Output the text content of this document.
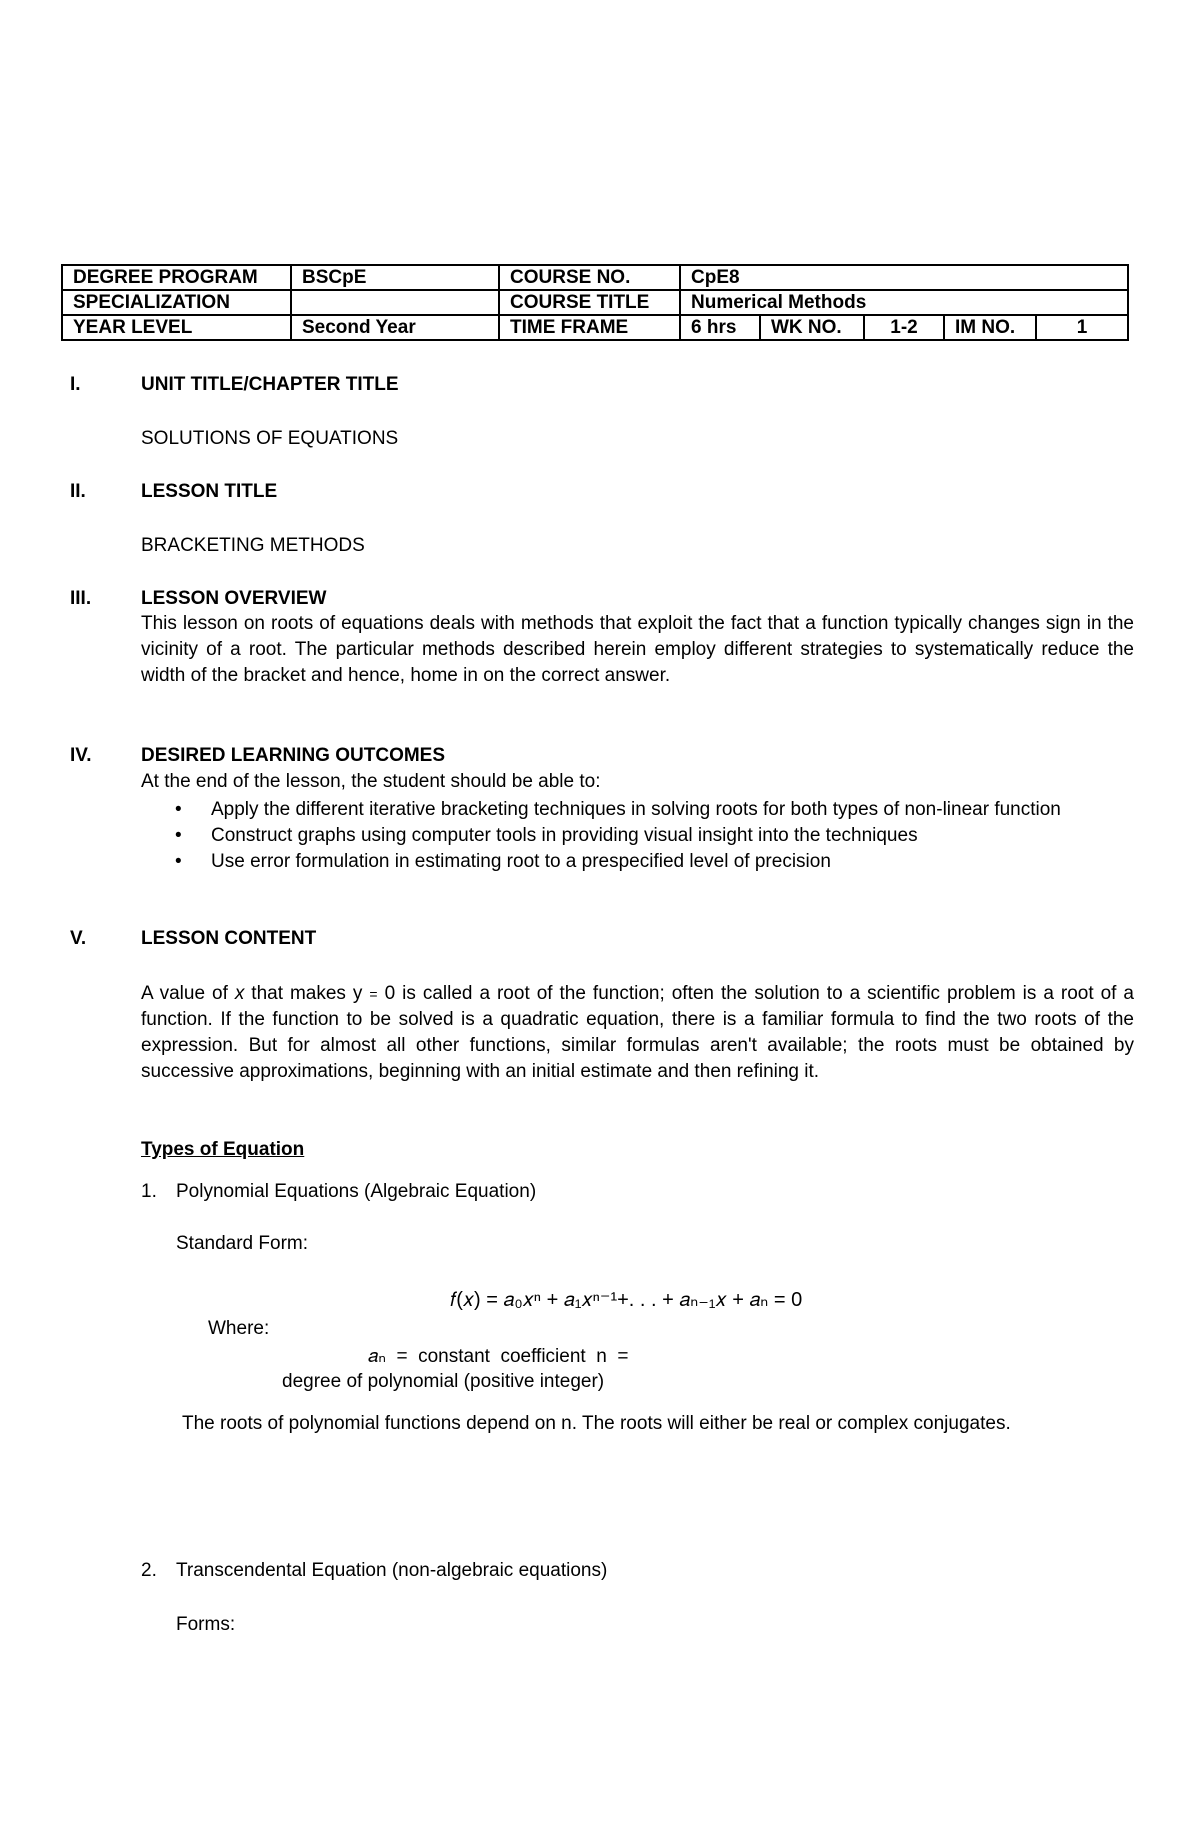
DEGREE PROGRAM	BSCpE	COURSE NO.	CpE8				
SPECIALIZATION		COURSE TITLE	Numerical Methods				
YEAR LEVEL	Second Year	TIME FRAME	6 hrs	WK NO.	1-2	IM NO.	1
I.	UNIT TITLE/CHAPTER TITLE
SOLUTIONS OF EQUATIONS
II.	LESSON TITLE
BRACKETING METHODS
III.	LESSON OVERVIEW

This lesson on roots of equations deals with methods that exploit the fact that a function typically changes sign in the vicinity of a root. The particular methods described herein employ different strategies to systematically reduce the width of the bracket and hence, home in on the correct answer.

IV.	DESIRED LEARNING OUTCOMES
At the end of the lesson, the student should be able to:
• Apply the different iterative bracketing techniques in solving roots for both types of non-linear function
• Construct graphs using computer tools in providing visual insight into the techniques
• Use error formulation in estimating root to a prespecified level of precision
V.	LESSON CONTENT

A value of x that makes y = 0 is called a root of the function; often the solution to a scientific problem is a root of a function. If the function to be solved is a quadratic equation, there is a familiar formula to find the two roots of the expression. But for almost all other functions, similar formulas aren't available; the roots must be obtained by successive approximations, beginning with an initial estimate and then refining it.

Types of Equation
1. Polynomial Equations (Algebraic Equation)
Standard Form:
𝑓(𝑥) = 𝑎₀𝑥ⁿ + 𝑎₁𝑥ⁿ⁻¹+. . . + 𝑎ₙ₋₁𝑥 + 𝑎ₙ = 0
Where:
𝑎ₙ  =  constant  coefficient  n  =
degree of polynomial (positive integer)
The roots of polynomial functions depend on n. The roots will either be real or complex conjugates.
2. Transcendental Equation (non-algebraic equations)
Forms:
